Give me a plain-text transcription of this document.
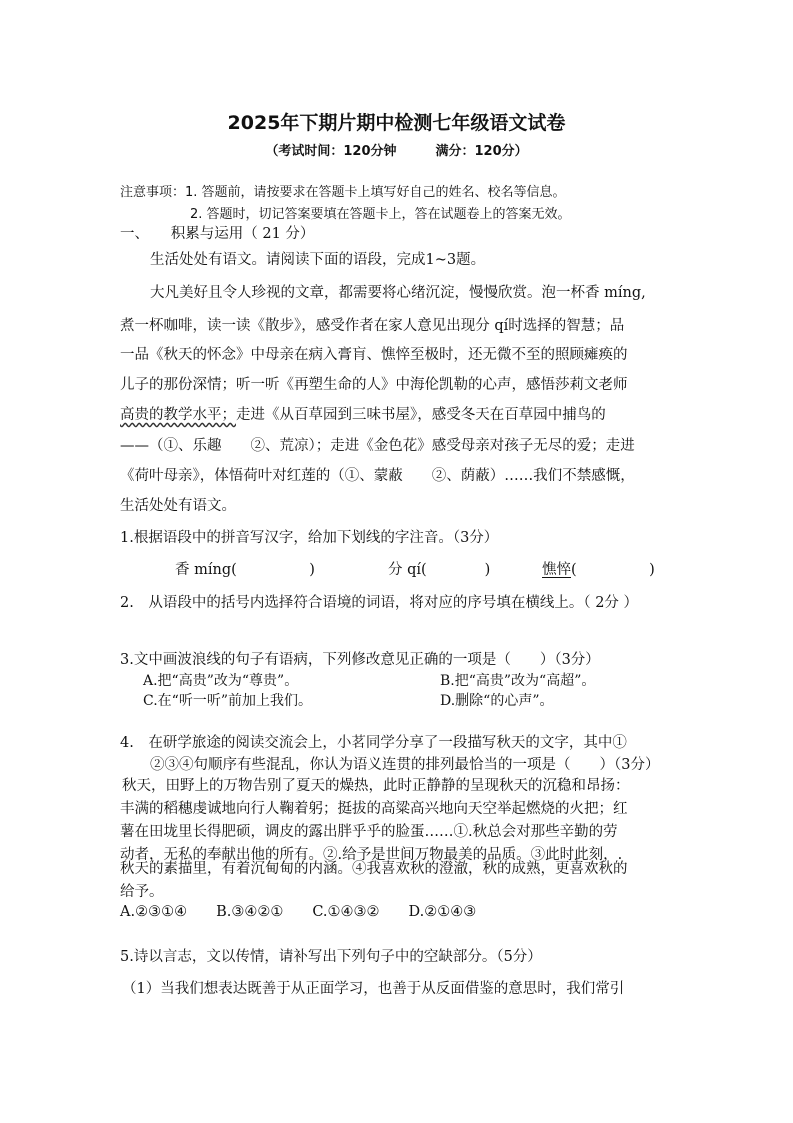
2025年下期片期中检测七年级语文试卷
（考试时间：120分钟　　　满分：120分）
注意事项：1. 答题前，请按要求在答题卡上填写好自己的姓名、校名等信息。
2. 答题时，切记答案要填在答题卡上，答在试题卷上的答案无效。
一、　　积累与运用（ 21 分）
生活处处有语文。请阅读下面的语段，完成1~3题。
大凡美好且令人珍视的文章，都需要将心绪沉淀，慢慢欣赏。泡一杯香 míng,
煮一杯咖啡，读一读《散步》，感受作者在家人意见出现分 qí时选择的智慧；品
一品《秋天的怀念》中母亲在病入膏肓、憔悴至极时，还无微不至的照顾瘫痪的
儿子的那份深情；听一听《再塑生命的人》中海伦凯勒的心声，感悟莎莉文老师
高贵的教学水平；走进《从百草园到三味书屋》，感受冬天在百草园中捕鸟的
——（①、乐趣　　②、荒凉）；走进《金色花》感受母亲对孩子无尽的爱；走进
《荷叶母亲》，体悟荷叶对红莲的（①、蒙蔽　　②、荫蔽）……我们不禁感慨，
生活处处有语文。
1.根据语段中的拼音写汉字，给加下划线的字注音。（3分）
香 míng(　　　　　)	分 qí(　　　　)	憔悴(　　　　　)
2.　从语段中的括号内选择符合语境的词语，将对应的序号填在横线上。（ 2分 ）
3.文中画波浪线的句子有语病，下列修改意见正确的一项是（　　）（3分）
A.把“高贵”改为“尊贵”。	B.把“高贵”改为“高超”。
C.在“听一听”前加上我们。	D.删除“的心声”。
4.　在研学旅途的阅读交流会上，小茗同学分享了一段描写秋天的文字，其中①
②③④句顺序有些混乱，你认为语义连贯的排列最恰当的一项是（　　）（3分）
秋天，田野上的万物告别了夏天的燥热，此时正静静的呈现秋天的沉稳和昂扬：
丰满的稻穗虔诚地向行人鞠着躬；挺拔的高粱高兴地向天空举起燃烧的火把；红
薯在田垅里长得肥硕，调皮的露出胖乎乎的脸蛋……①.秋总会对那些辛勤的劳
动者，无私的奉献出他的所有。②.给予是世间万物最美的品质。③此时此刻，.
秋天的素描里，有着沉甸甸的内涵。④我喜欢秋的澄澈，秋的成熟，更喜欢秋的
给予。
A.②③①④　　B.③④②①　　C.①④③②　　D.②①④③
5.诗以言志，文以传情，请补写出下列句子中的空缺部分。（5分）
（1）当我们想表达既善于从正面学习，也善于从反面借鉴的意思时，我们常引
